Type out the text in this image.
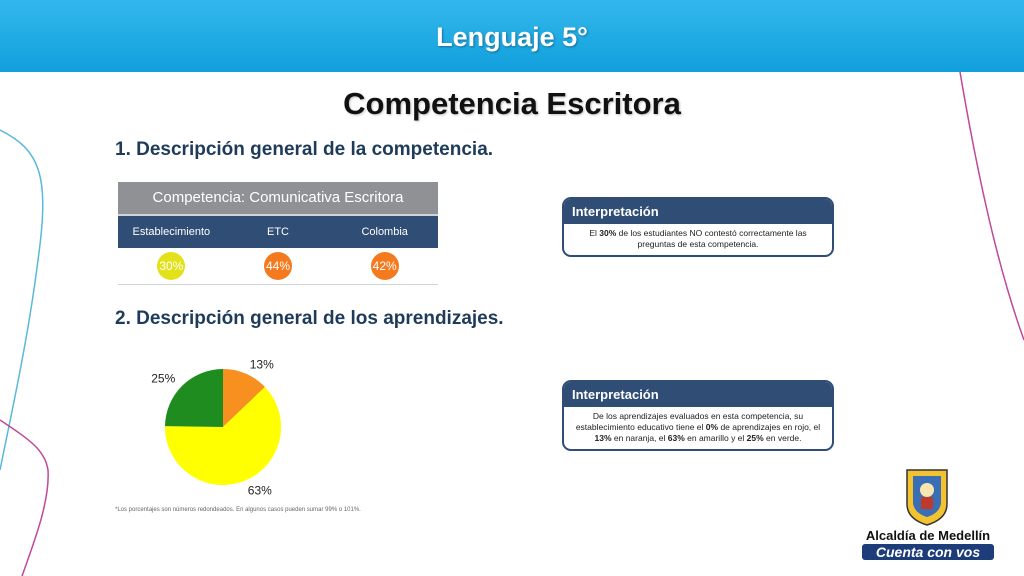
Lenguaje 5°
Competencia Escritora
1. Descripción general de la competencia.
Competencia: Comunicativa Escritora
Establecimiento	ETC	Colombia
30%	44%	42%
Interpretación
El 30% de los estudiantes NO contestó correctamente las preguntas de esta competencia.
2. Descripción general de los aprendizajes.
13%
63%
25%
Interpretación
De los aprendizajes evaluados en esta competencia, su establecimiento educativo tiene el 0% de aprendizajes en rojo, el 13% en naranja, el 63% en amarillo y el 25% en verde.
*Los porcentajes son números redondeados. En algunos casos pueden sumar 99% o 101%.
Alcaldía de Medellín
Cuenta con vos
